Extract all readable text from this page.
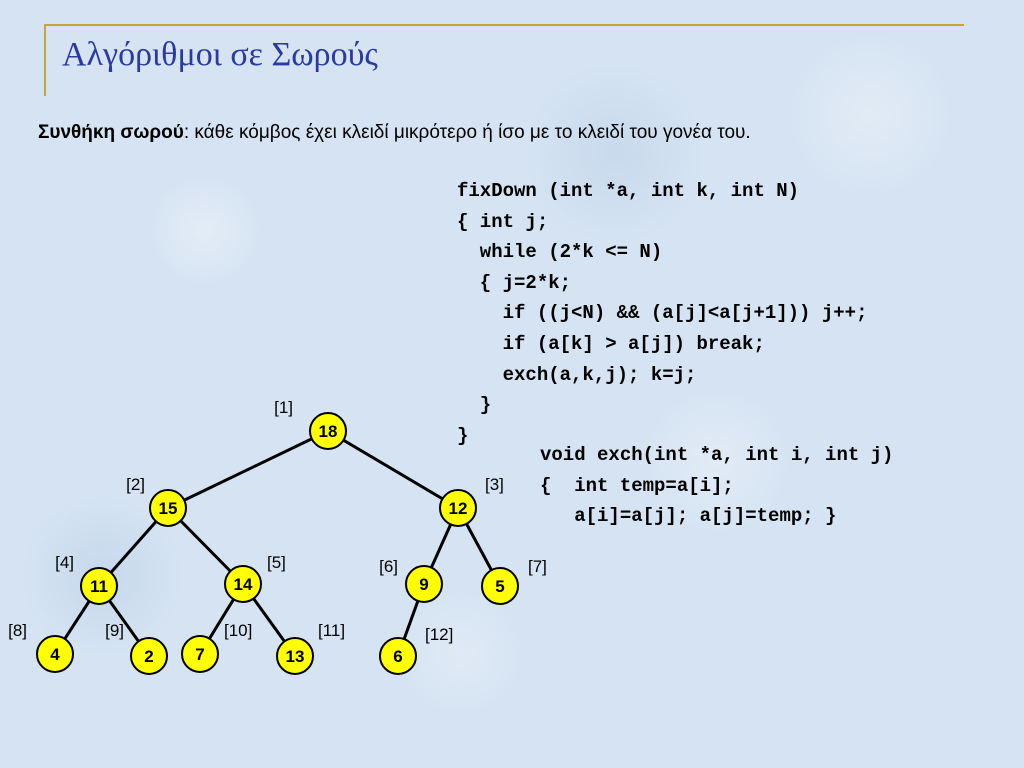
Αλγόριθμοι σε Σωρούς
Συνθήκη σωρού: κάθε κόμβος έχει κλειδί μικρότερο ή ίσο με το κλειδί του γονέα του.
fixDown (int *a, int k, int N)
{ int j;
while (2*k <= N)
{ j=2*k;
if ((j<N) && (a[j]<a[j+1])) j++;
if (a[k] > a[j]) break;
exch(a,k,j); k=j;
}
}
void exch(int *a, int i, int j)
{  int temp=a[i];
a[i]=a[j]; a[j]=temp; }
18
[1]
15
[2]
12
[3]
11
[4]
14
[5]
9
[6]
5
[7]
4
[8]
2
[9]
7
[10]
13
[11]
6
[12]
